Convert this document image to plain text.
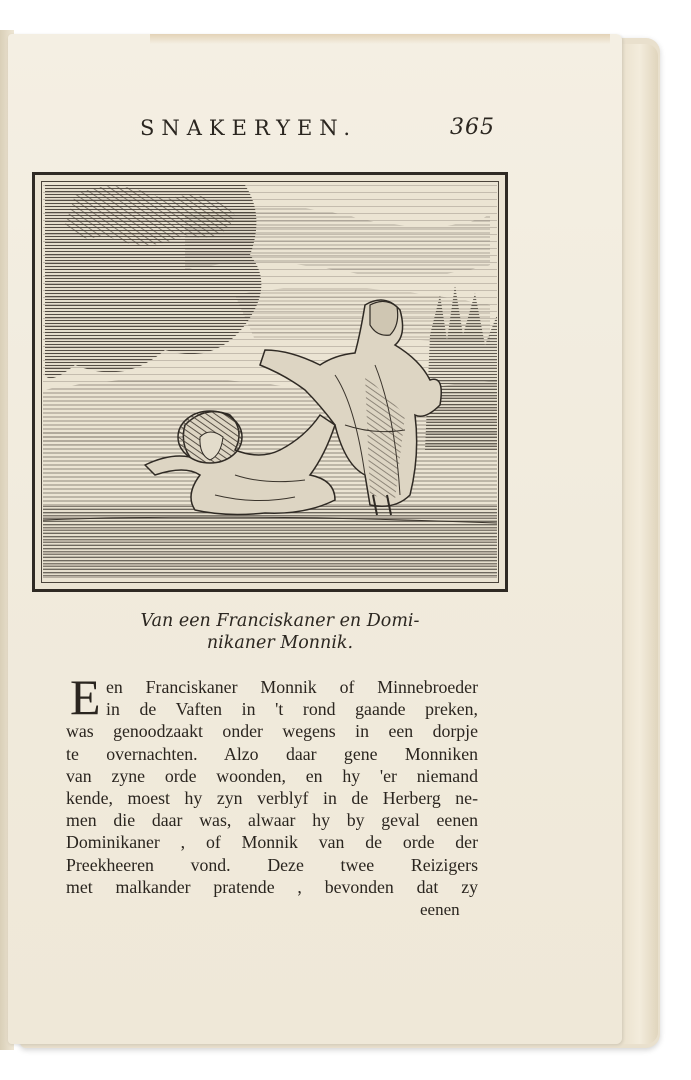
SNAKERYEN.	365
Van een Franciskaner en Domi-
nikaner Monnik.
E en Franciskaner Monnik of Minnebroeder
in de Vaften in 't rond gaande preken,
was genoodzaakt onder wegens in een dorpje
te overnachten. Alzo daar gene Monniken
van zyne orde woonden, en hy 'er niemand
kende, moest hy zyn verblyf in de Herberg ne-
men die daar was, alwaar hy by geval eenen
Dominikaner , of Monnik van de orde der
Preekheeren vond. Deze twee Reizigers
met malkander pratende , bevonden dat zy
eenen
